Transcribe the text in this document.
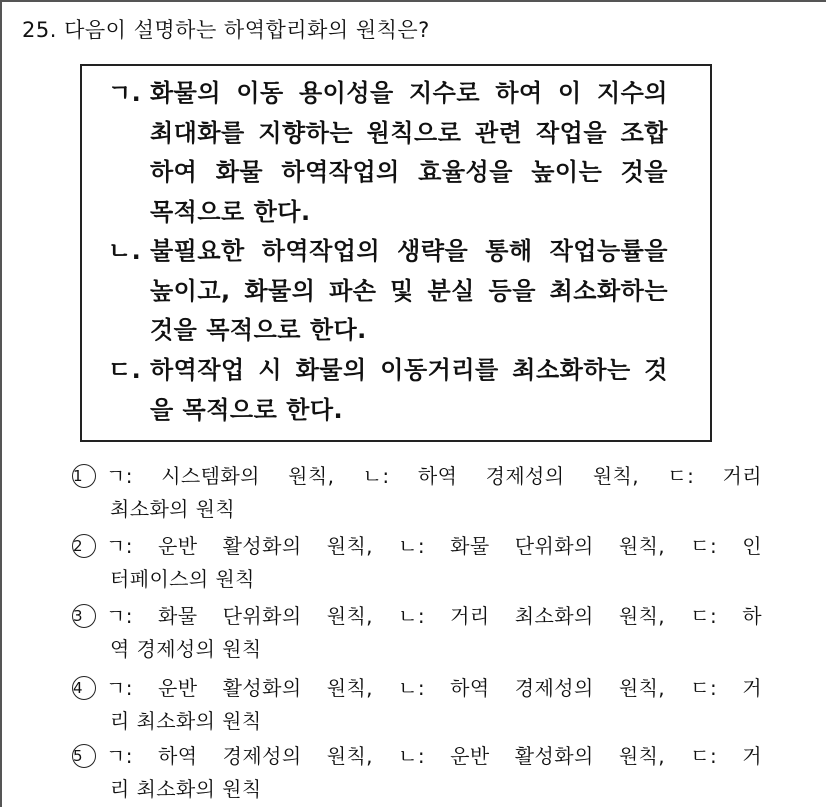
25. 다음이 설명하는 하역합리화의 원칙은?
ㄱ. 화물의 이동 용이성을 지수로 하여 이 지수의
최대화를 지향하는 원칙으로 관련 작업을 조합
하여 화물 하역작업의 효율성을 높이는 것을
목적으로 한다.
ㄴ. 불필요한 하역작업의 생략을 통해 작업능률을
높이고, 화물의 파손 및 분실 등을 최소화하는
것을 목적으로 한다.
ㄷ. 하역작업 시 화물의 이동거리를 최소화하는 것
을 목적으로 한다.
1 ㄱ: 시스템화의 원칙, ㄴ: 하역 경제성의 원칙, ㄷ: 거리
최소화의 원칙
2 ㄱ: 운반 활성화의 원칙, ㄴ: 화물 단위화의 원칙, ㄷ: 인
터페이스의 원칙
3 ㄱ: 화물 단위화의 원칙, ㄴ: 거리 최소화의 원칙, ㄷ: 하
역 경제성의 원칙
4 ㄱ: 운반 활성화의 원칙, ㄴ: 하역 경제성의 원칙, ㄷ: 거
리 최소화의 원칙
5 ㄱ: 하역 경제성의 원칙, ㄴ: 운반 활성화의 원칙, ㄷ: 거
리 최소화의 원칙
